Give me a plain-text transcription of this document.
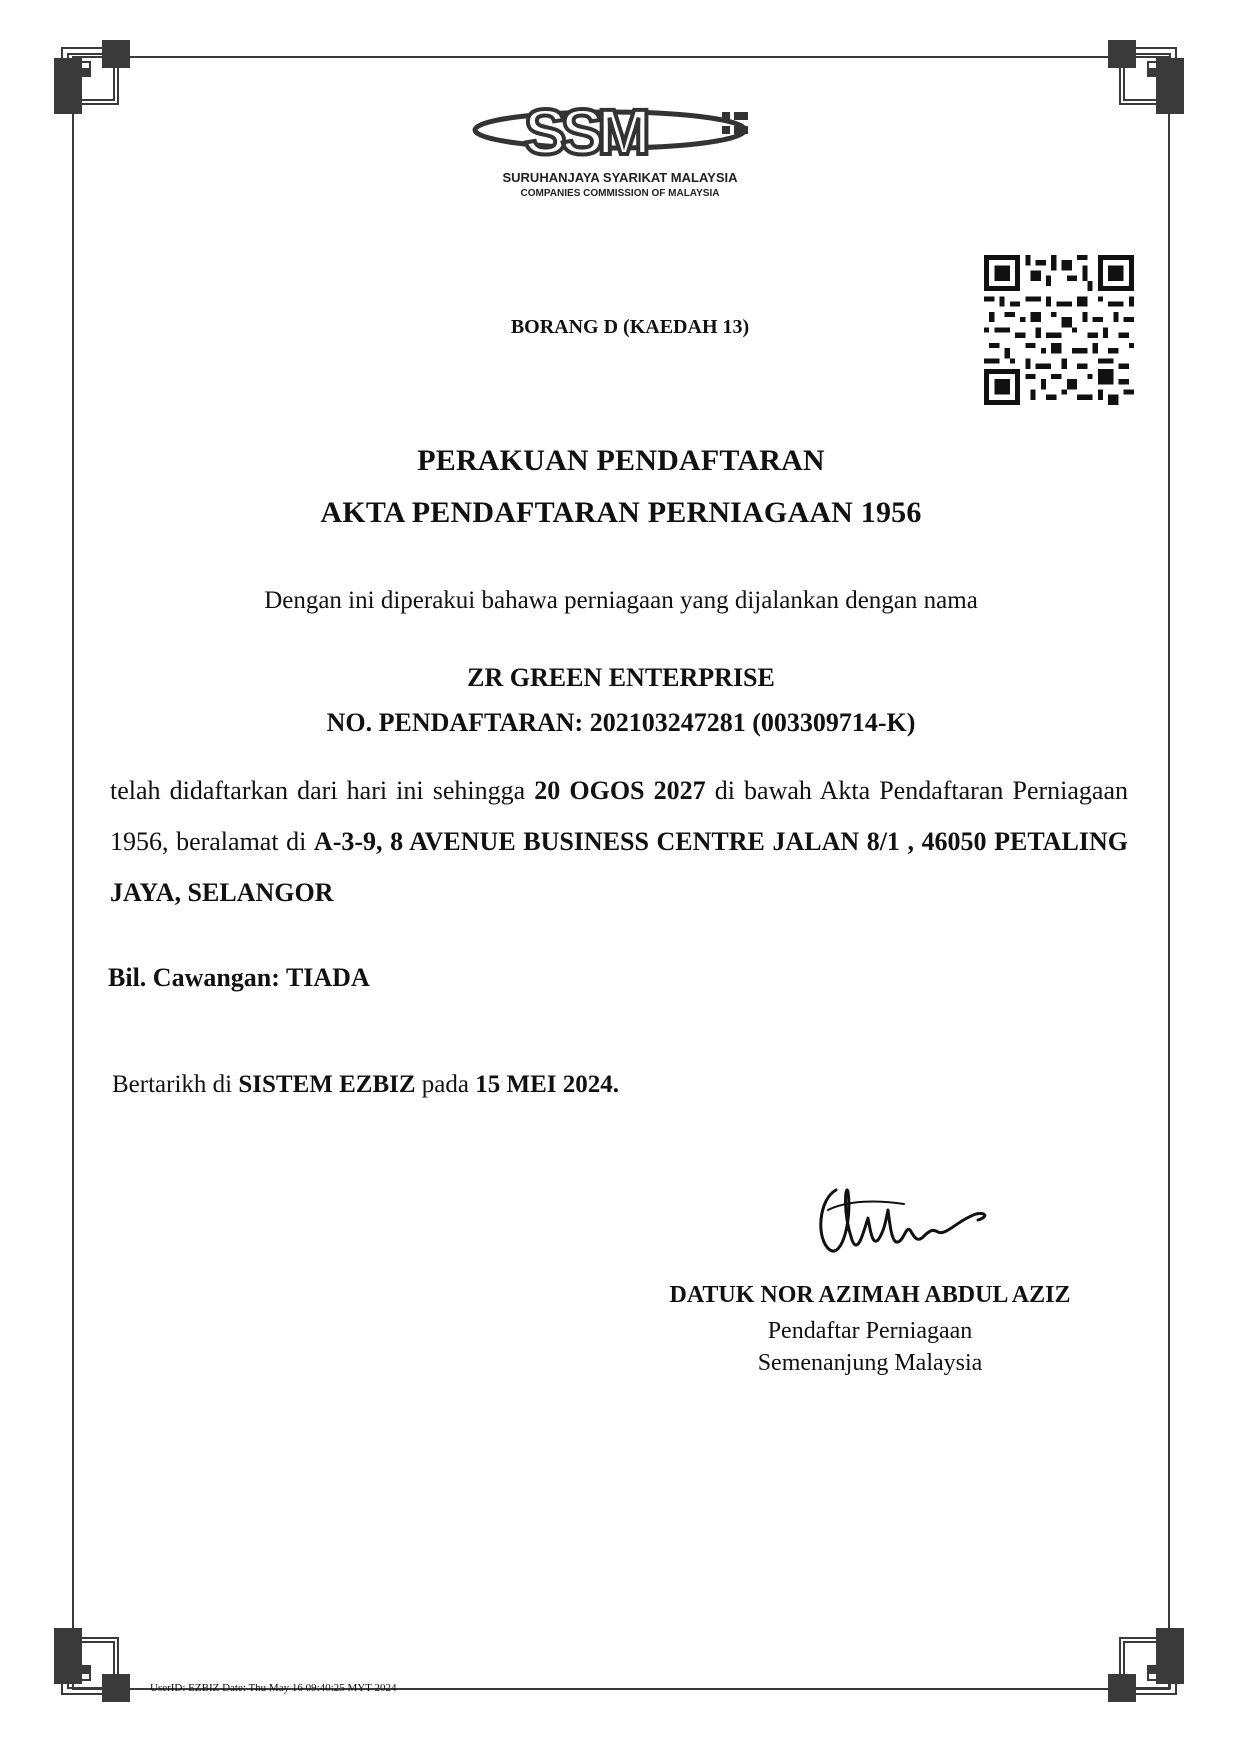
SSM
SURUHANJAYA SYARIKAT MALAYSIA
COMPANIES COMMISSION OF MALAYSIA
BORANG D (KAEDAH 13)
PERAKUAN PENDAFTARAN
AKTA PENDAFTARAN PERNIAGAAN 1956
Dengan ini diperakui bahawa perniagaan yang dijalankan dengan nama
ZR GREEN ENTERPRISE
NO. PENDAFTARAN: 202103247281 (003309714-K)
telah didaftarkan dari hari ini sehingga 20 OGOS 2027 di bawah Akta Pendaftaran Perniagaan 1956, beralamat di A-3-9, 8 AVENUE BUSINESS CENTRE JALAN 8/1 , 46050 PETALING JAYA, SELANGOR
Bil. Cawangan: TIADA
Bertarikh di SISTEM EZBIZ pada 15 MEI 2024.
DATUK NOR AZIMAH ABDUL AZIZ
Pendaftar Perniagaan
Semenanjung Malaysia
UserID: EZBIZ Date: Thu May 16 09:40:25 MYT 2024
